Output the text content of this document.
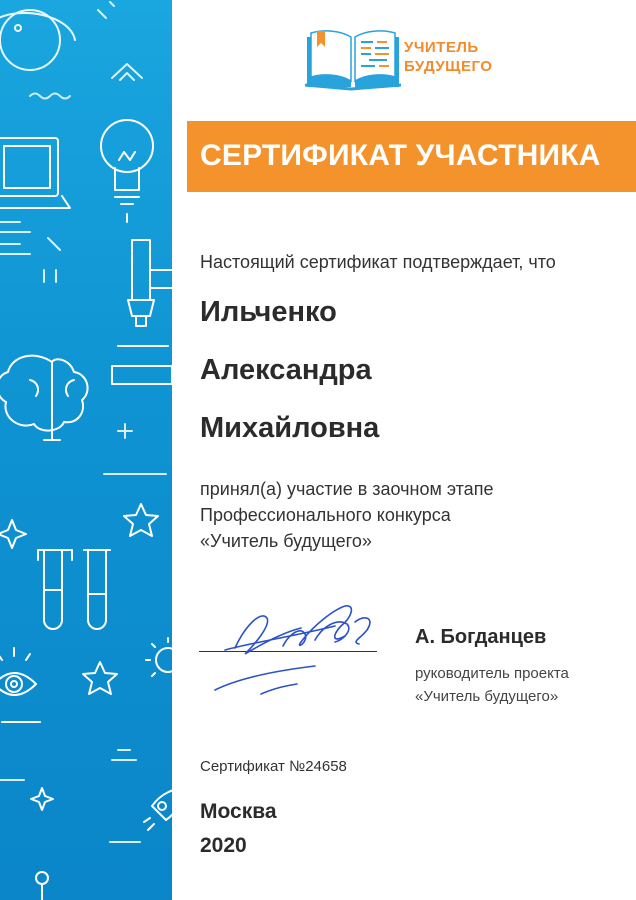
УЧИТЕЛЬ
БУДУЩЕГО
СЕРТИФИКАТ УЧАСТНИКА
Настоящий сертификат подтверждает, что
Ильченко
Александра
Михайловна
принял(а) участие в заочном этапе
Профессионального конкурса
«Учитель будущего»
А. Богданцев
руководитель проекта
«Учитель будущего»
Сертификат №24658
Москва
2020
